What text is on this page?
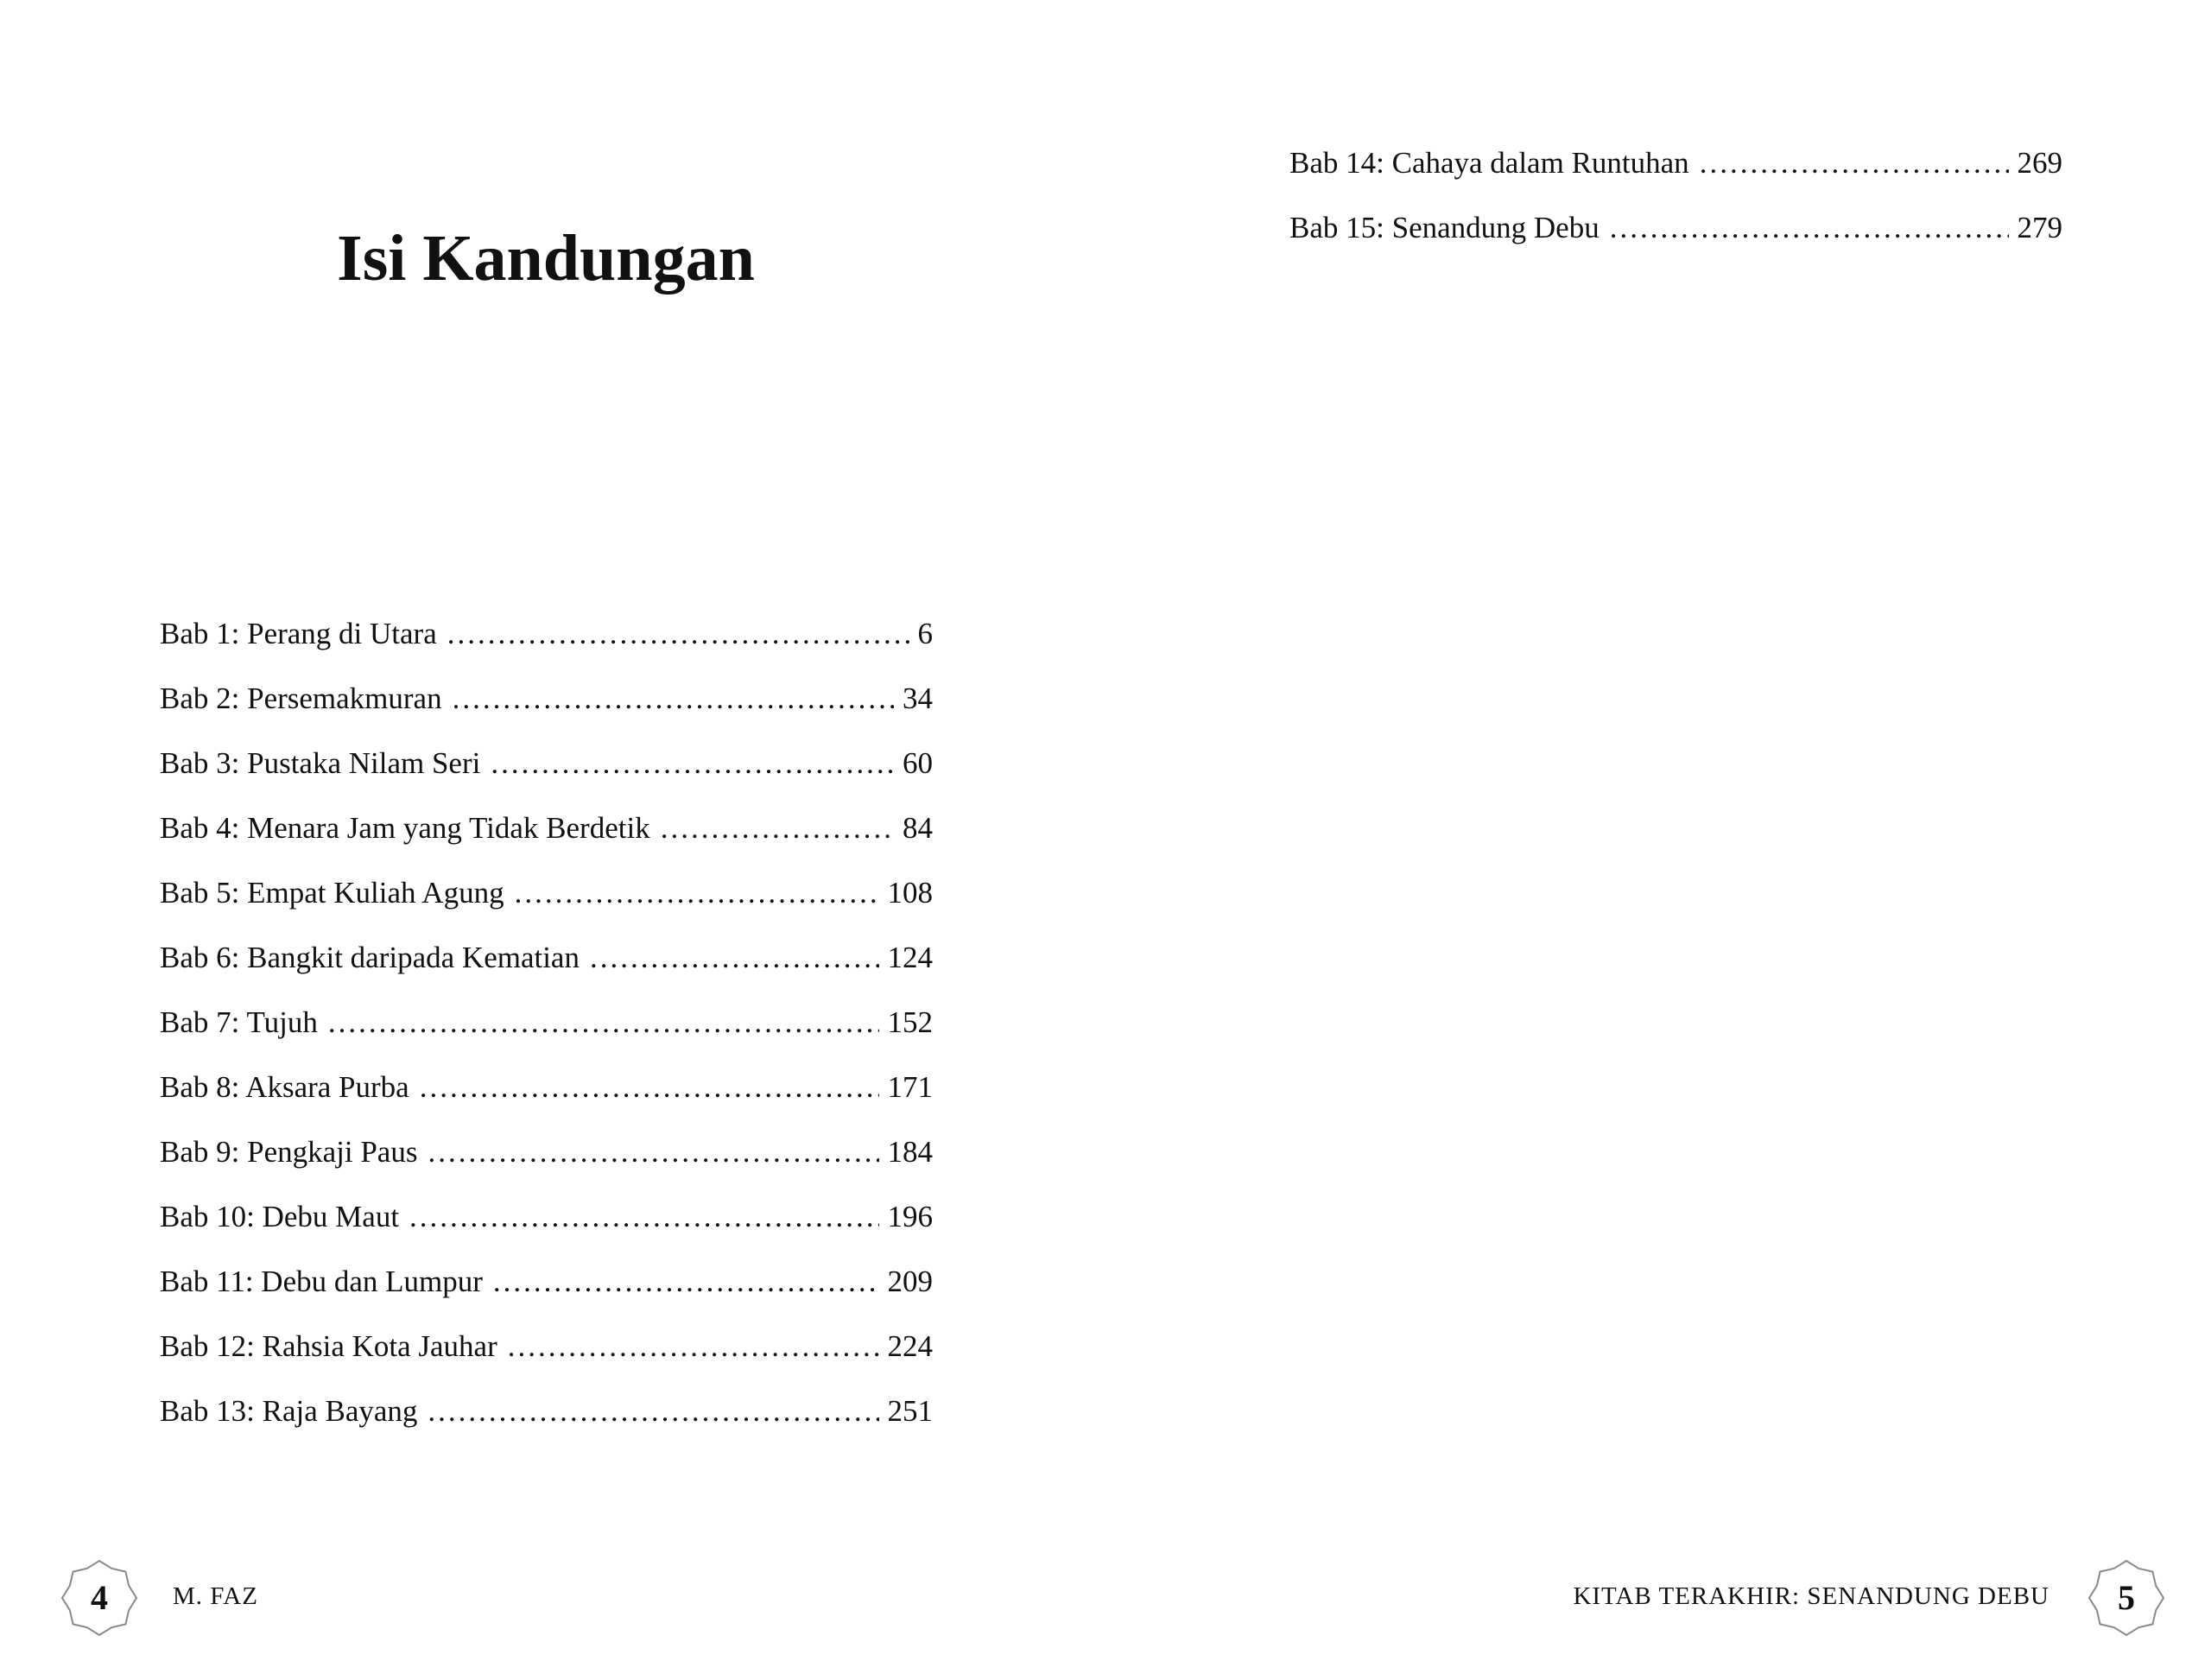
Isi Kandungan
Bab 1: Perang di Utara .....	6
Bab 2: Persemakmuran .....	34
Bab 3: Pustaka Nilam Seri .....	60
Bab 4: Menara Jam yang Tidak Berdetik .....	84
Bab 5: Empat Kuliah Agung .....	108
Bab 6: Bangkit daripada Kematian .....	124
Bab 7: Tujuh .....	152
Bab 8: Aksara Purba .....	171
Bab 9: Pengkaji Paus .....	184
Bab 10: Debu Maut .....	196
Bab 11: Debu dan Lumpur .....	209
Bab 12: Rahsia Kota Jauhar .....	224
Bab 13: Raja Bayang .....	251
Bab 14: Cahaya dalam Runtuhan .....	269
Bab 15: Senandung Debu .....	279
4	M. FAZ	KITAB TERAKHIR: SENANDUNG DEBU	5
